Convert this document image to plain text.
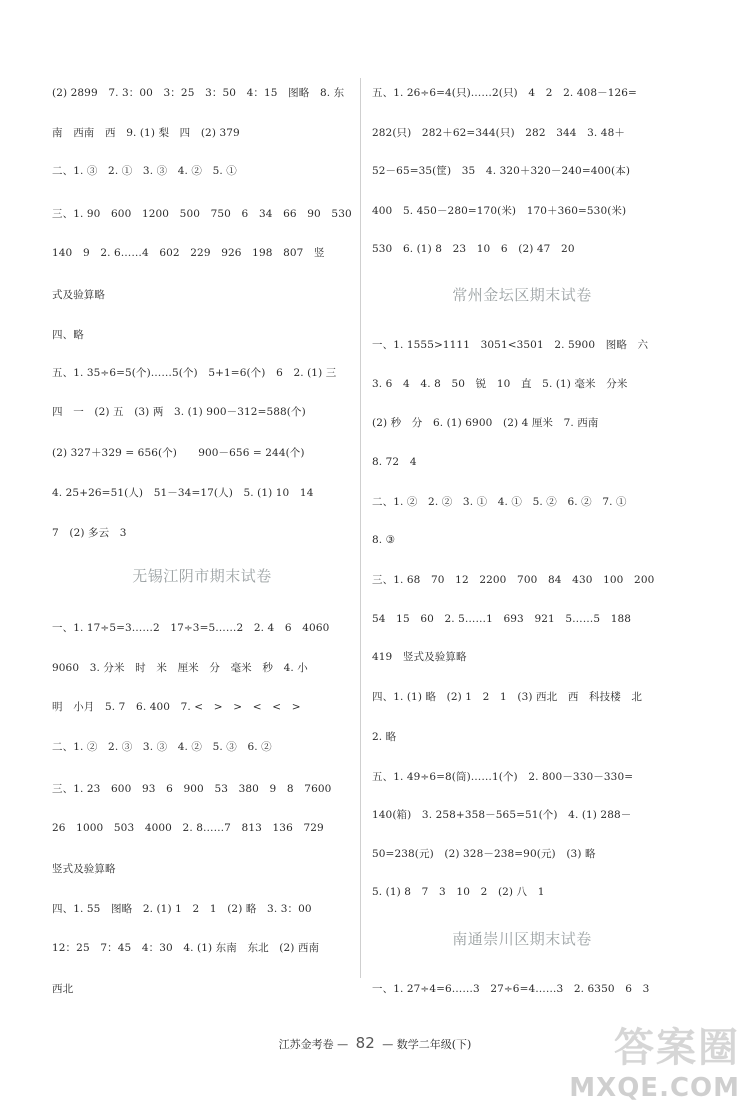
(2) 2899　7. 3：00　3：25　3：50　4：15　图略　8. 东
南　西南　西　9. (1) 梨　四　(2) 379
二、1. ③　2. ①　3. ③　4. ②　5. ①
三、1. 90　600　1200　500　750　6　34　66　90　530
140　9　2. 6……4　602　229　926　198　807　竖
式及验算略
四、略
五、1. 35÷6=5(个)……5(个)　5+1=6(个)　6　2. (1) 三
四　一　(2) 五　(3) 两　3. (1) 900－312=588(个)
(2) 327＋329 = 656(个)　　900－656 = 244(个)
4. 25+26=51(人)　51－34=17(人)　5. (1) 10　14
7　(2) 多云　3
无锡江阴市期末试卷
一、1. 17÷5=3……2　17÷3=5……2　2. 4　6　4060
9060　3. 分米　时　米　厘米　分　毫米　秒　4. 小
明　小月　5. 7　6. 400　7. <　>　>　<　<　>
二、1. ②　2. ③　3. ③　4. ②　5. ③　6. ②
三、1. 23　600　93　6　900　53　380　9　8　7600
26　1000　503　4000　2. 8……7　813　136　729
竖式及验算略
四、1. 55　图略　2. (1) 1　2　1　(2) 略　3. 3：00
12：25　7：45　4：30　4. (1) 东南　东北　(2) 西南
西北
五、1. 26÷6=4(只)……2(只)　4　2　2. 408－126=
282(只)　282＋62=344(只)　282　344　3. 48＋
52－65=35(筐)　35　4. 320＋320－240=400(本)
400　5. 450－280=170(米)　170＋360=530(米)
530　6. (1) 8　23　10　6　(2) 47　20
常州金坛区期末试卷
一、1. 1555>1111　3051<3501　2. 5900　图略　六
3. 6　4　4. 8　50　锐　10　直　5. (1) 毫米　分米
(2) 秒　分　6. (1) 6900　(2) 4 厘米　7. 西南
8. 72　4
二、1. ②　2. ②　3. ①　4. ①　5. ②　6. ②　7. ①
8. ③
三、1. 68　70　12　2200　700　84　430　100　200
54　15　60　2. 5……1　693　921　5……5　188
419　竖式及验算略
四、1. (1) 略　(2) 1　2　1　(3) 西北　西　科技楼　北
2. 略
五、1. 49÷6=8(筒)……1(个)　2. 800－330－330=
140(箱)　3. 258+358－565=51(个)　4. (1) 288－
50=238(元)　(2) 328－238=90(元)　(3) 略
5. (1) 8　7　3　10　2　(2) 八　1
南通崇川区期末试卷
一、1. 27÷4=6……3　27÷6=4……3　2. 6350　6　3
江苏金考卷 — 82 — 数学二年级(下)	答案圈
MXQE.COM
